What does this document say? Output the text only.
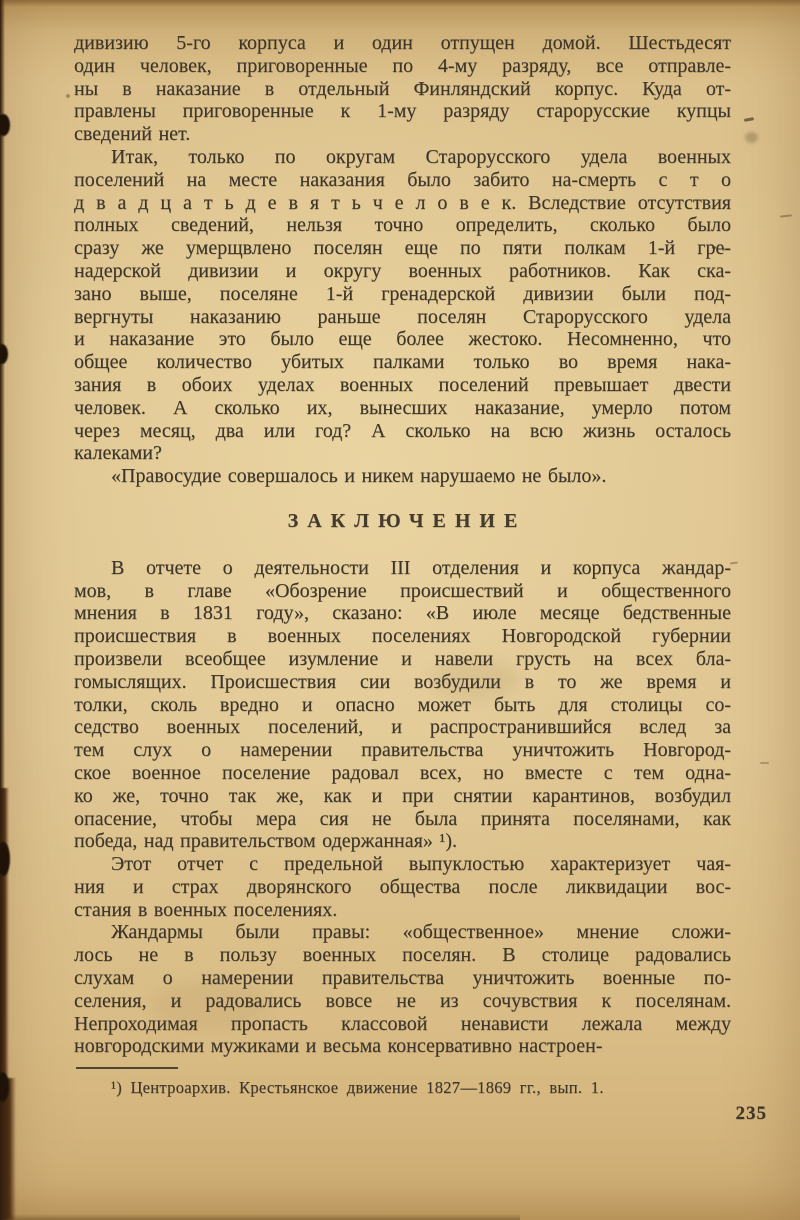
дивизию 5-го корпуса и один отпущен домой. Шестьдесят
один человек, приговоренные по 4-му разряду, все отправле-
ны в наказание в отдельный Финляндский корпус. Куда от-
правлены приговоренные к 1-му разряду старорусские купцы
сведений нет.
Итак, только по округам Старорусского удела военных
поселений на месте наказания было забито на-смерть с т о
д в а д ц а т ь д е в я т ь ч е л о в е к. Вследствие отсутствия
полных сведений, нельзя точно определить, сколько было
сразу же умерщвлено поселян еще по пяти полкам 1-й гре-
надерской дивизии и округу военных работников. Как ска-
зано выше, поселяне 1-й гренадерской дивизии были под-
вергнуты наказанию раньше поселян Старорусского удела
и наказание это было еще более жестоко. Несомненно, что
общее количество убитых палками только во время нака-
зания в обоих уделах военных поселений превышает двести
человек. А сколько их, вынесших наказание, умерло потом
через месяц, два или год? А сколько на всю жизнь осталось
калеками?
«Правосудие совершалось и никем нарушаемо не было».
ЗАКЛЮЧЕНИЕ
В отчете о деятельности III отделения и корпуса жандар-
мов, в главе «Обозрение происшествий и общественного
мнения в 1831 году», сказано: «В июле месяце бедственные
происшествия в военных поселениях Новгородской губернии
произвели всеобщее изумление и навели грусть на всех бла-
гомыслящих. Происшествия сии возбудили в то же время и
толки, сколь вредно и опасно может быть для столицы со-
седство военных поселений, и распространившийся вслед за
тем слух о намерении правительства уничтожить Новгород-
ское военное поселение радовал всех, но вместе с тем одна-
ко же, точно так же, как и при снятии карантинов, возбудил
опасение, чтобы мера сия не была принята поселянами, как
победа, над правительством одержанная» ¹).
Этот отчет с предельной выпуклостью характеризует чая-
ния и страх дворянского общества после ликвидации вос-
стания в военных поселениях.
Жандармы были правы: «общественное» мнение сложи-
лось не в пользу военных поселян. В столице радовались
слухам о намерении правительства уничтожить военные по-
селения, и радовались вовсе не из сочувствия к поселянам.
Непроходимая пропасть классовой ненависти лежала между
новгородскими мужиками и весьма консервативно настроен-
¹) Центроархив. Крестьянское движение 1827—1869 гг., вып. 1.
235
